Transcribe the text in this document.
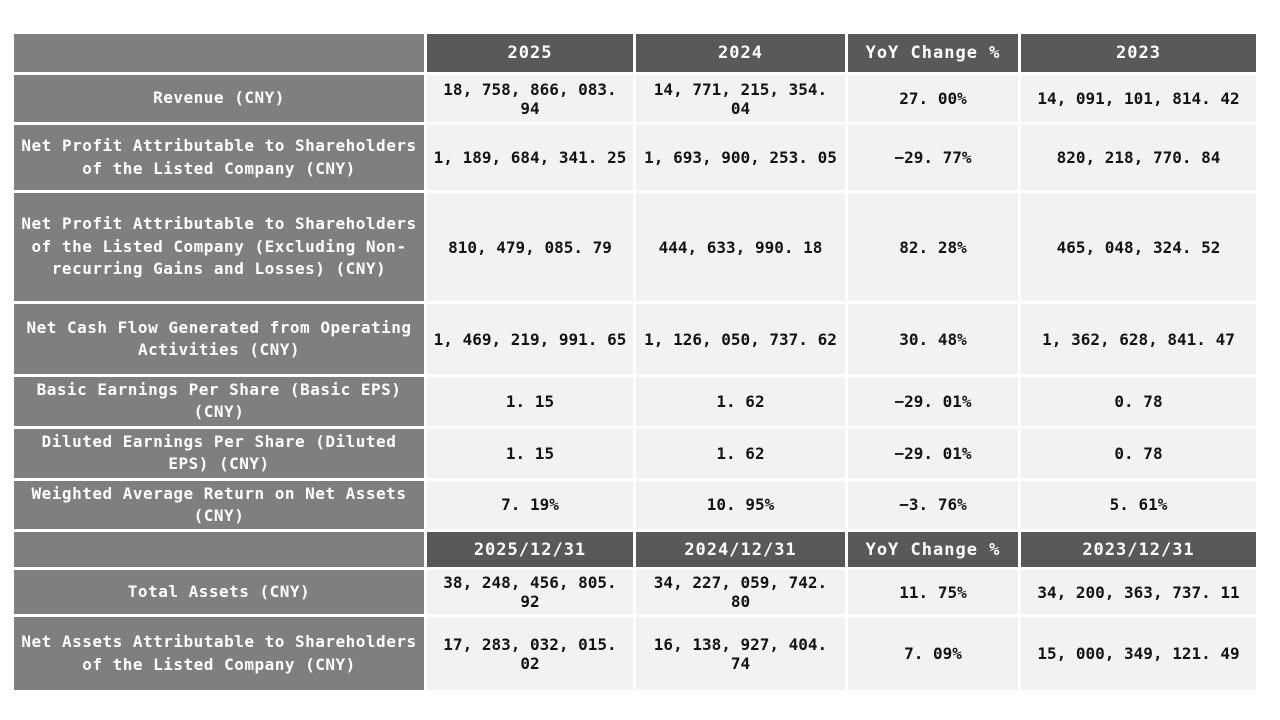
	2025	2024	YoY Change %	2023
Revenue (CNY)	18, 758, 866, 083. 94	14, 771, 215, 354. 04	27. 00%	14, 091, 101, 814. 42
Net Profit Attributable to Shareholders of the Listed Company (CNY)	1, 189, 684, 341. 25	1, 693, 900, 253. 05	−29. 77%	820, 218, 770. 84
Net Profit Attributable to Shareholders of the Listed Company (Excluding Non-recurring Gains and Losses) (CNY)	810, 479, 085. 79	444, 633, 990. 18	82. 28%	465, 048, 324. 52
Net Cash Flow Generated from Operating Activities (CNY)	1, 469, 219, 991. 65	1, 126, 050, 737. 62	30. 48%	1, 362, 628, 841. 47
Basic Earnings Per Share (Basic EPS) (CNY)	1. 15	1. 62	−29. 01%	0. 78
Diluted Earnings Per Share (Diluted EPS) (CNY)	1. 15	1. 62	−29. 01%	0. 78
Weighted Average Return on Net Assets (CNY)	7. 19%	10. 95%	−3. 76%	5. 61%
	2025/12/31	2024/12/31	YoY Change %	2023/12/31
Total Assets (CNY)	38, 248, 456, 805. 92	34, 227, 059, 742. 80	11. 75%	34, 200, 363, 737. 11
Net Assets Attributable to Shareholders of the Listed Company (CNY)	17, 283, 032, 015. 02	16, 138, 927, 404. 74	7. 09%	15, 000, 349, 121. 49
